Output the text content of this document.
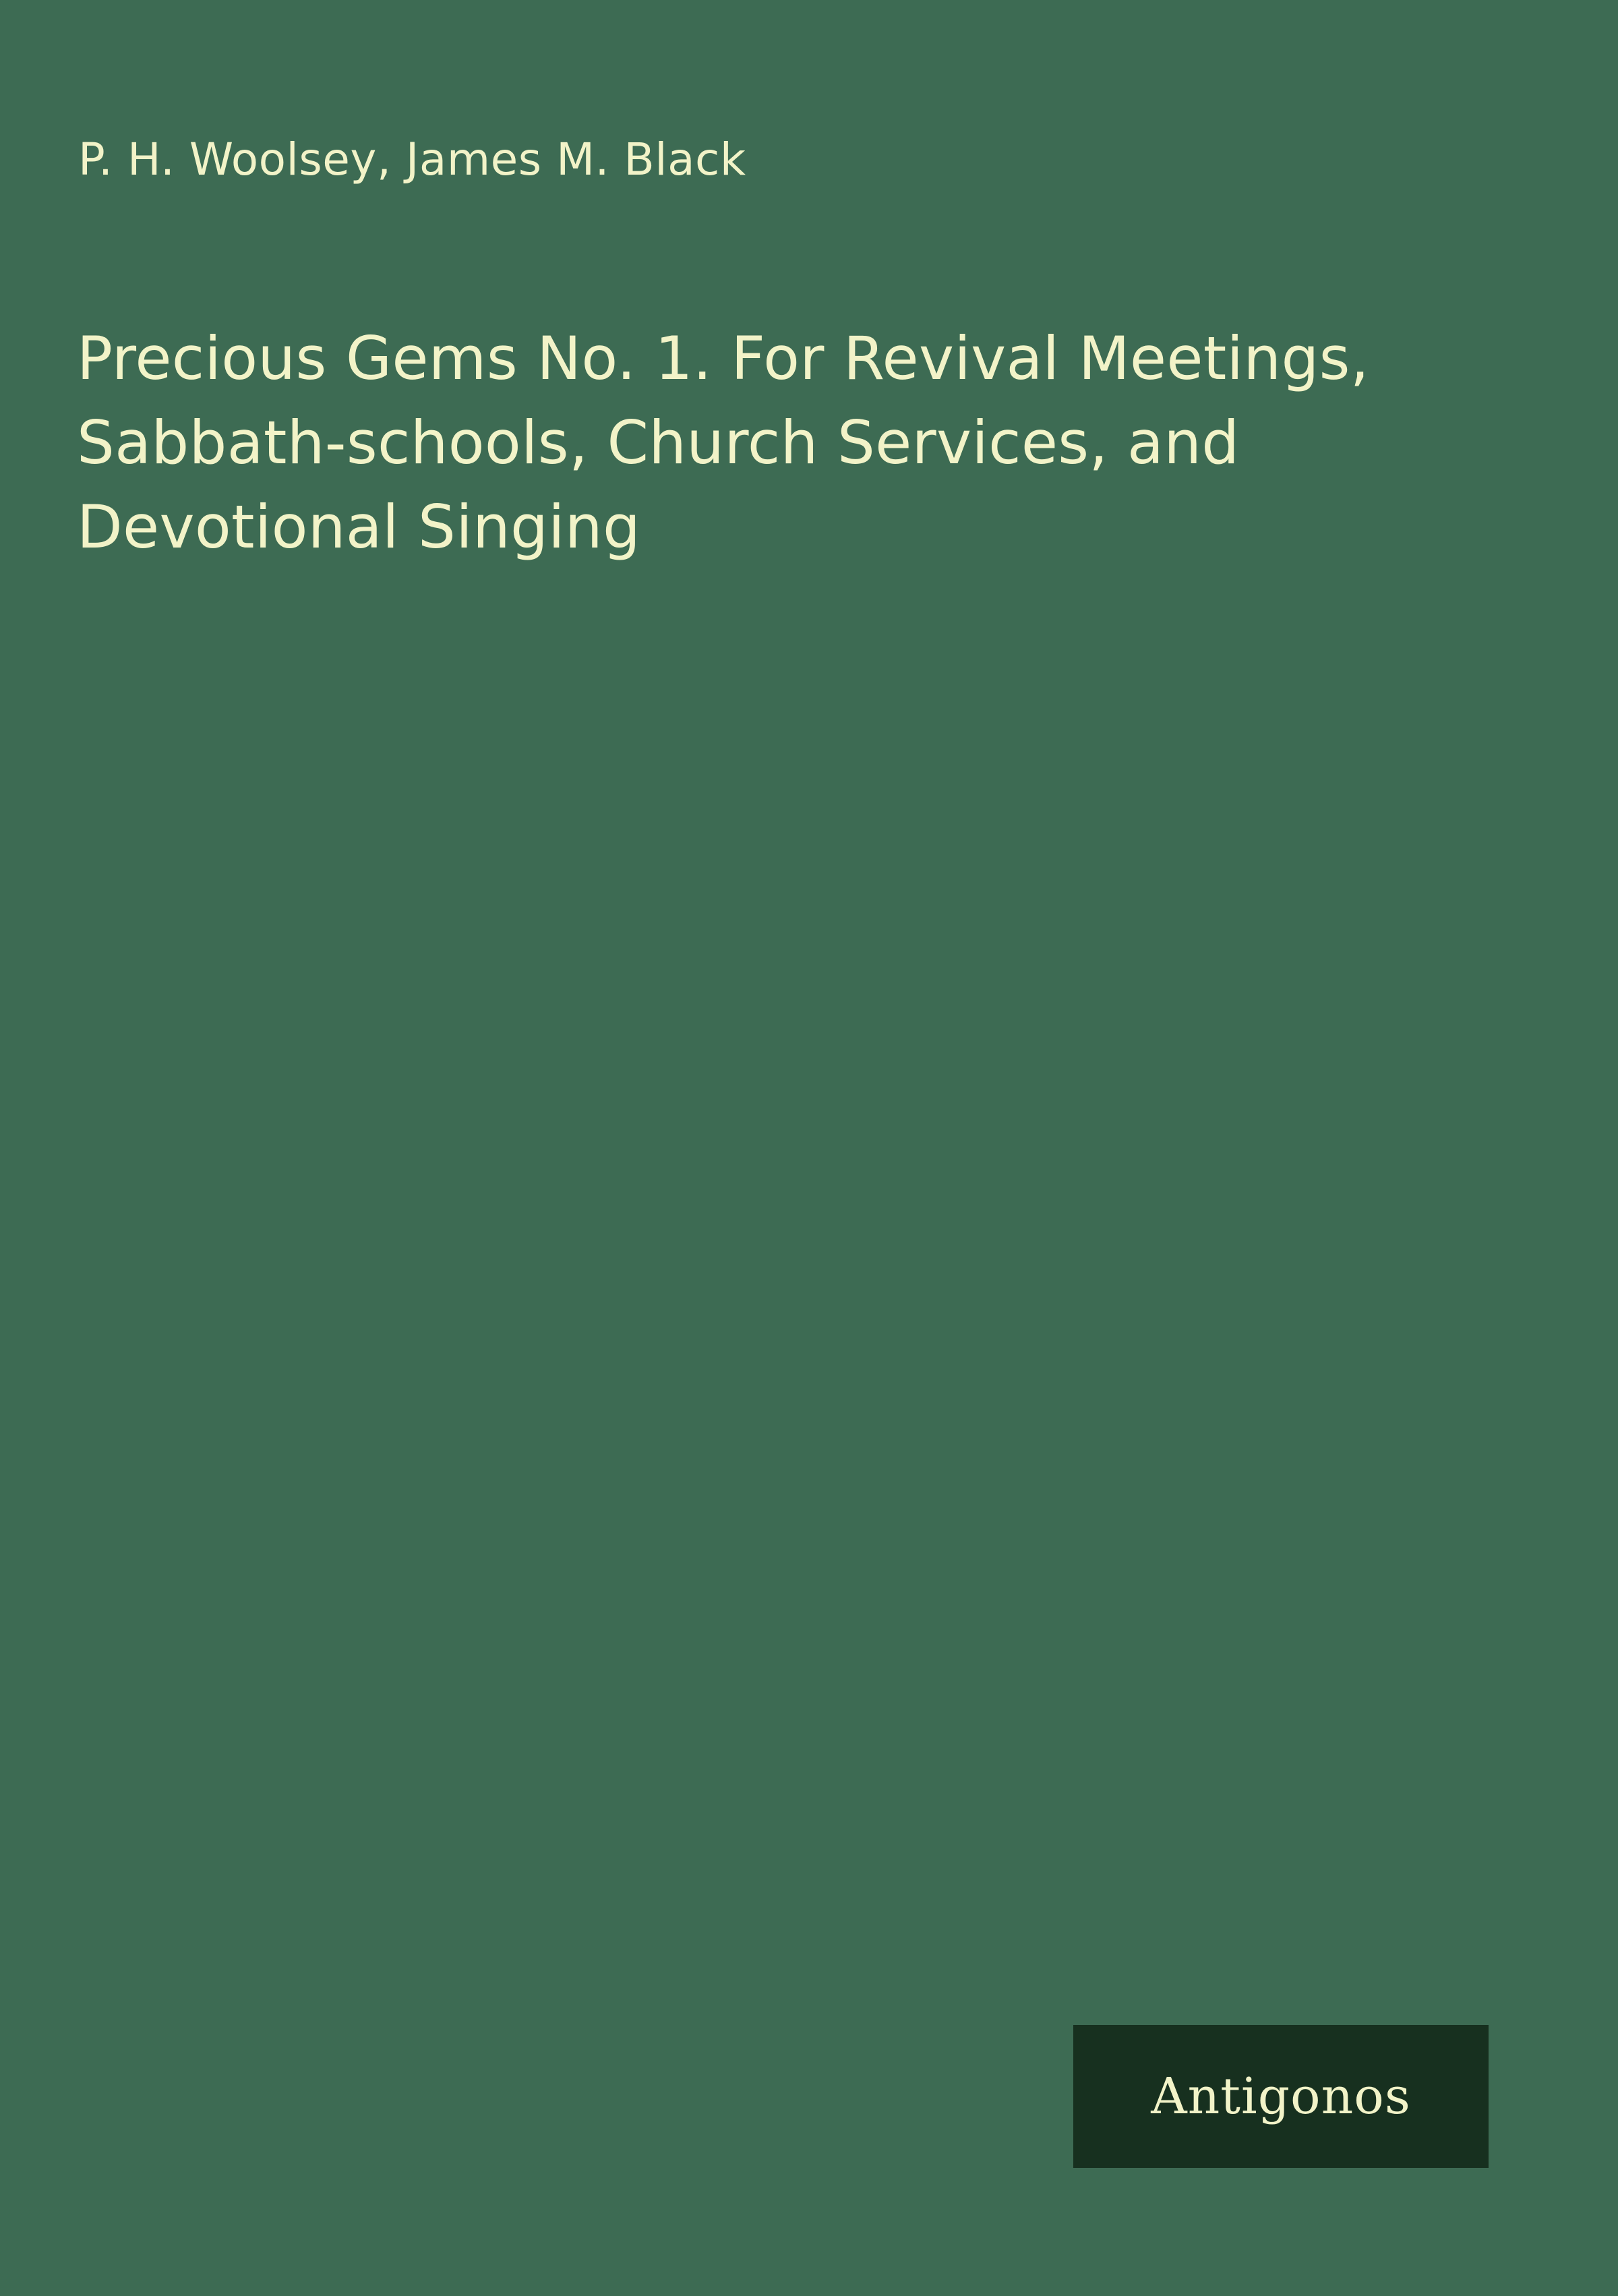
P. H. Woolsey, James M. Black
Precious Gems No. 1. For Revival Meetings, Sabbath-schools, Church Services, and Devotional Singing
Antigonos
